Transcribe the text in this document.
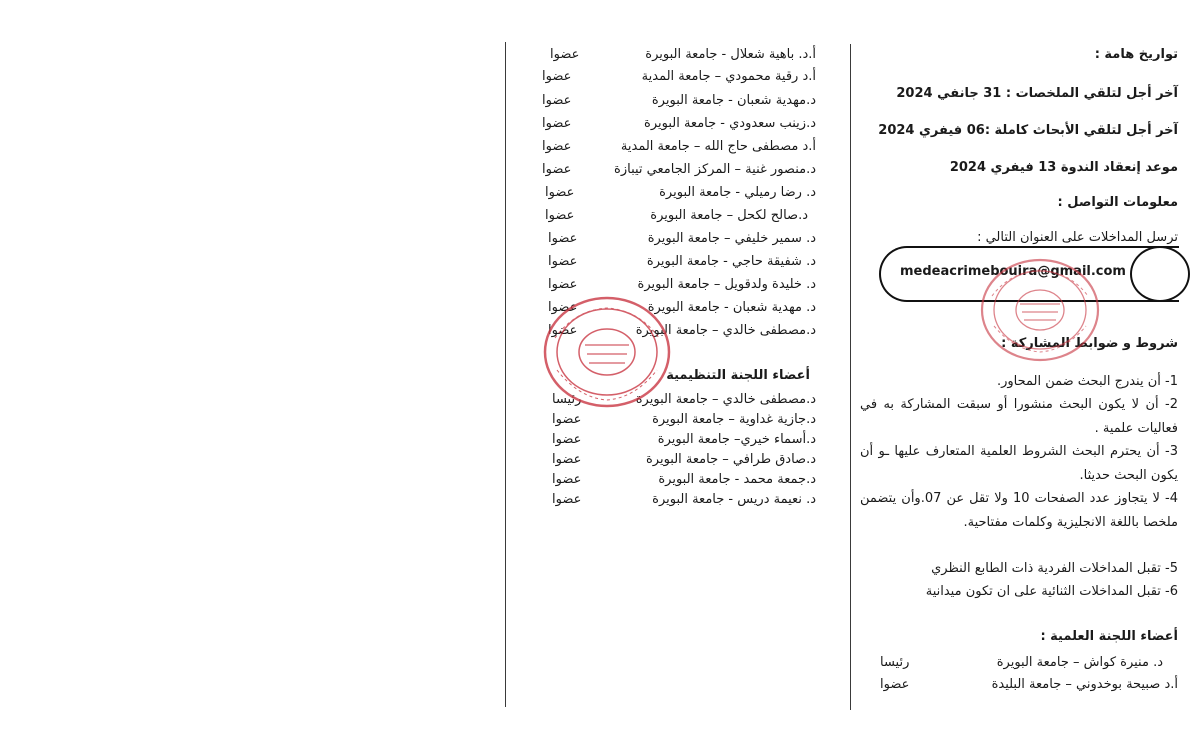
تواريخ هامة :
آخر أجل لتلقي الملخصات : 31 جانفي 2024
آخر أجل لتلقي الأبحاث كاملة :06 فيفري 2024
موعد إنعقاد الندوة 13 فيفري 2024
معلومات التواصل :
ترسل المداخلات على العنوان التالي :
medeacrimebouira@gmail.com
شروط و ضوابط المشاركة :
1- أن يندرج البحث ضمن المحاور.
2- أن لا يكون البحث منشورا أو سبقت المشاركة به في فعاليات علمية .
3- أن يحترم البحث الشروط العلمية المتعارف عليها ـو أن يكون البحث حديثا.
4- لا يتجاوز عدد الصفحات 10 ولا تقل عن 07.وأن يتضمن ملخصا باللغة الانجليزية وكلمات مفتاحية.
5- تقبل المداخلات الفردية ذات الطابع النظري
6- تقبل المداخلات الثنائية على ان تكون ميدانية
أعضاء اللجنة العلمية :
د. منيرة كواش – جامعة البويرة
رئيسا
أ.د صبيحة بوخدوني – جامعة البليدة
عضوا
أ.د. باهية شعلال - جامعة البويرة
عضوا
أ.د رقية محمودي – جامعة المدية
عضوا
د.مهدية شعبان - جامعة البويرة
عضوا
د.زينب سعدودي - جامعة البويرة
عضوا
أ.د مصطفى حاج الله – جامعة المدية
عضوا
د.منصور غنية – المركز الجامعي تيبازة
عضوا
د. رضا رميلي - جامعة البويرة
عضوا
د.صالح لكحل – جامعة البويرة
عضوا
د. سمير خليفي – جامعة البويرة
عضوا
د. شفيقة حاجي - جامعة البويرة
عضوا
د. خليدة ولدقويل – جامعة البويرة
عضوا
د. مهدية شعبان - جامعة البويرة
عضوا
د.مصطفى خالدي – جامعة البويرة
عضوا
أعضاء اللجنة التنظيمية
د.مصطفى خالدي – جامعة البويرة
رئيسا
د.جازية غداوية – جامعة البويرة
عضوا
د.أسماء خيري– جامعة البويرة
عضوا
د.صادق طرافي – جامعة البويرة
عضوا
د.جمعة محمد - جامعة البويرة
عضوا
د. نعيمة دريس - جامعة البويرة
عضوا
